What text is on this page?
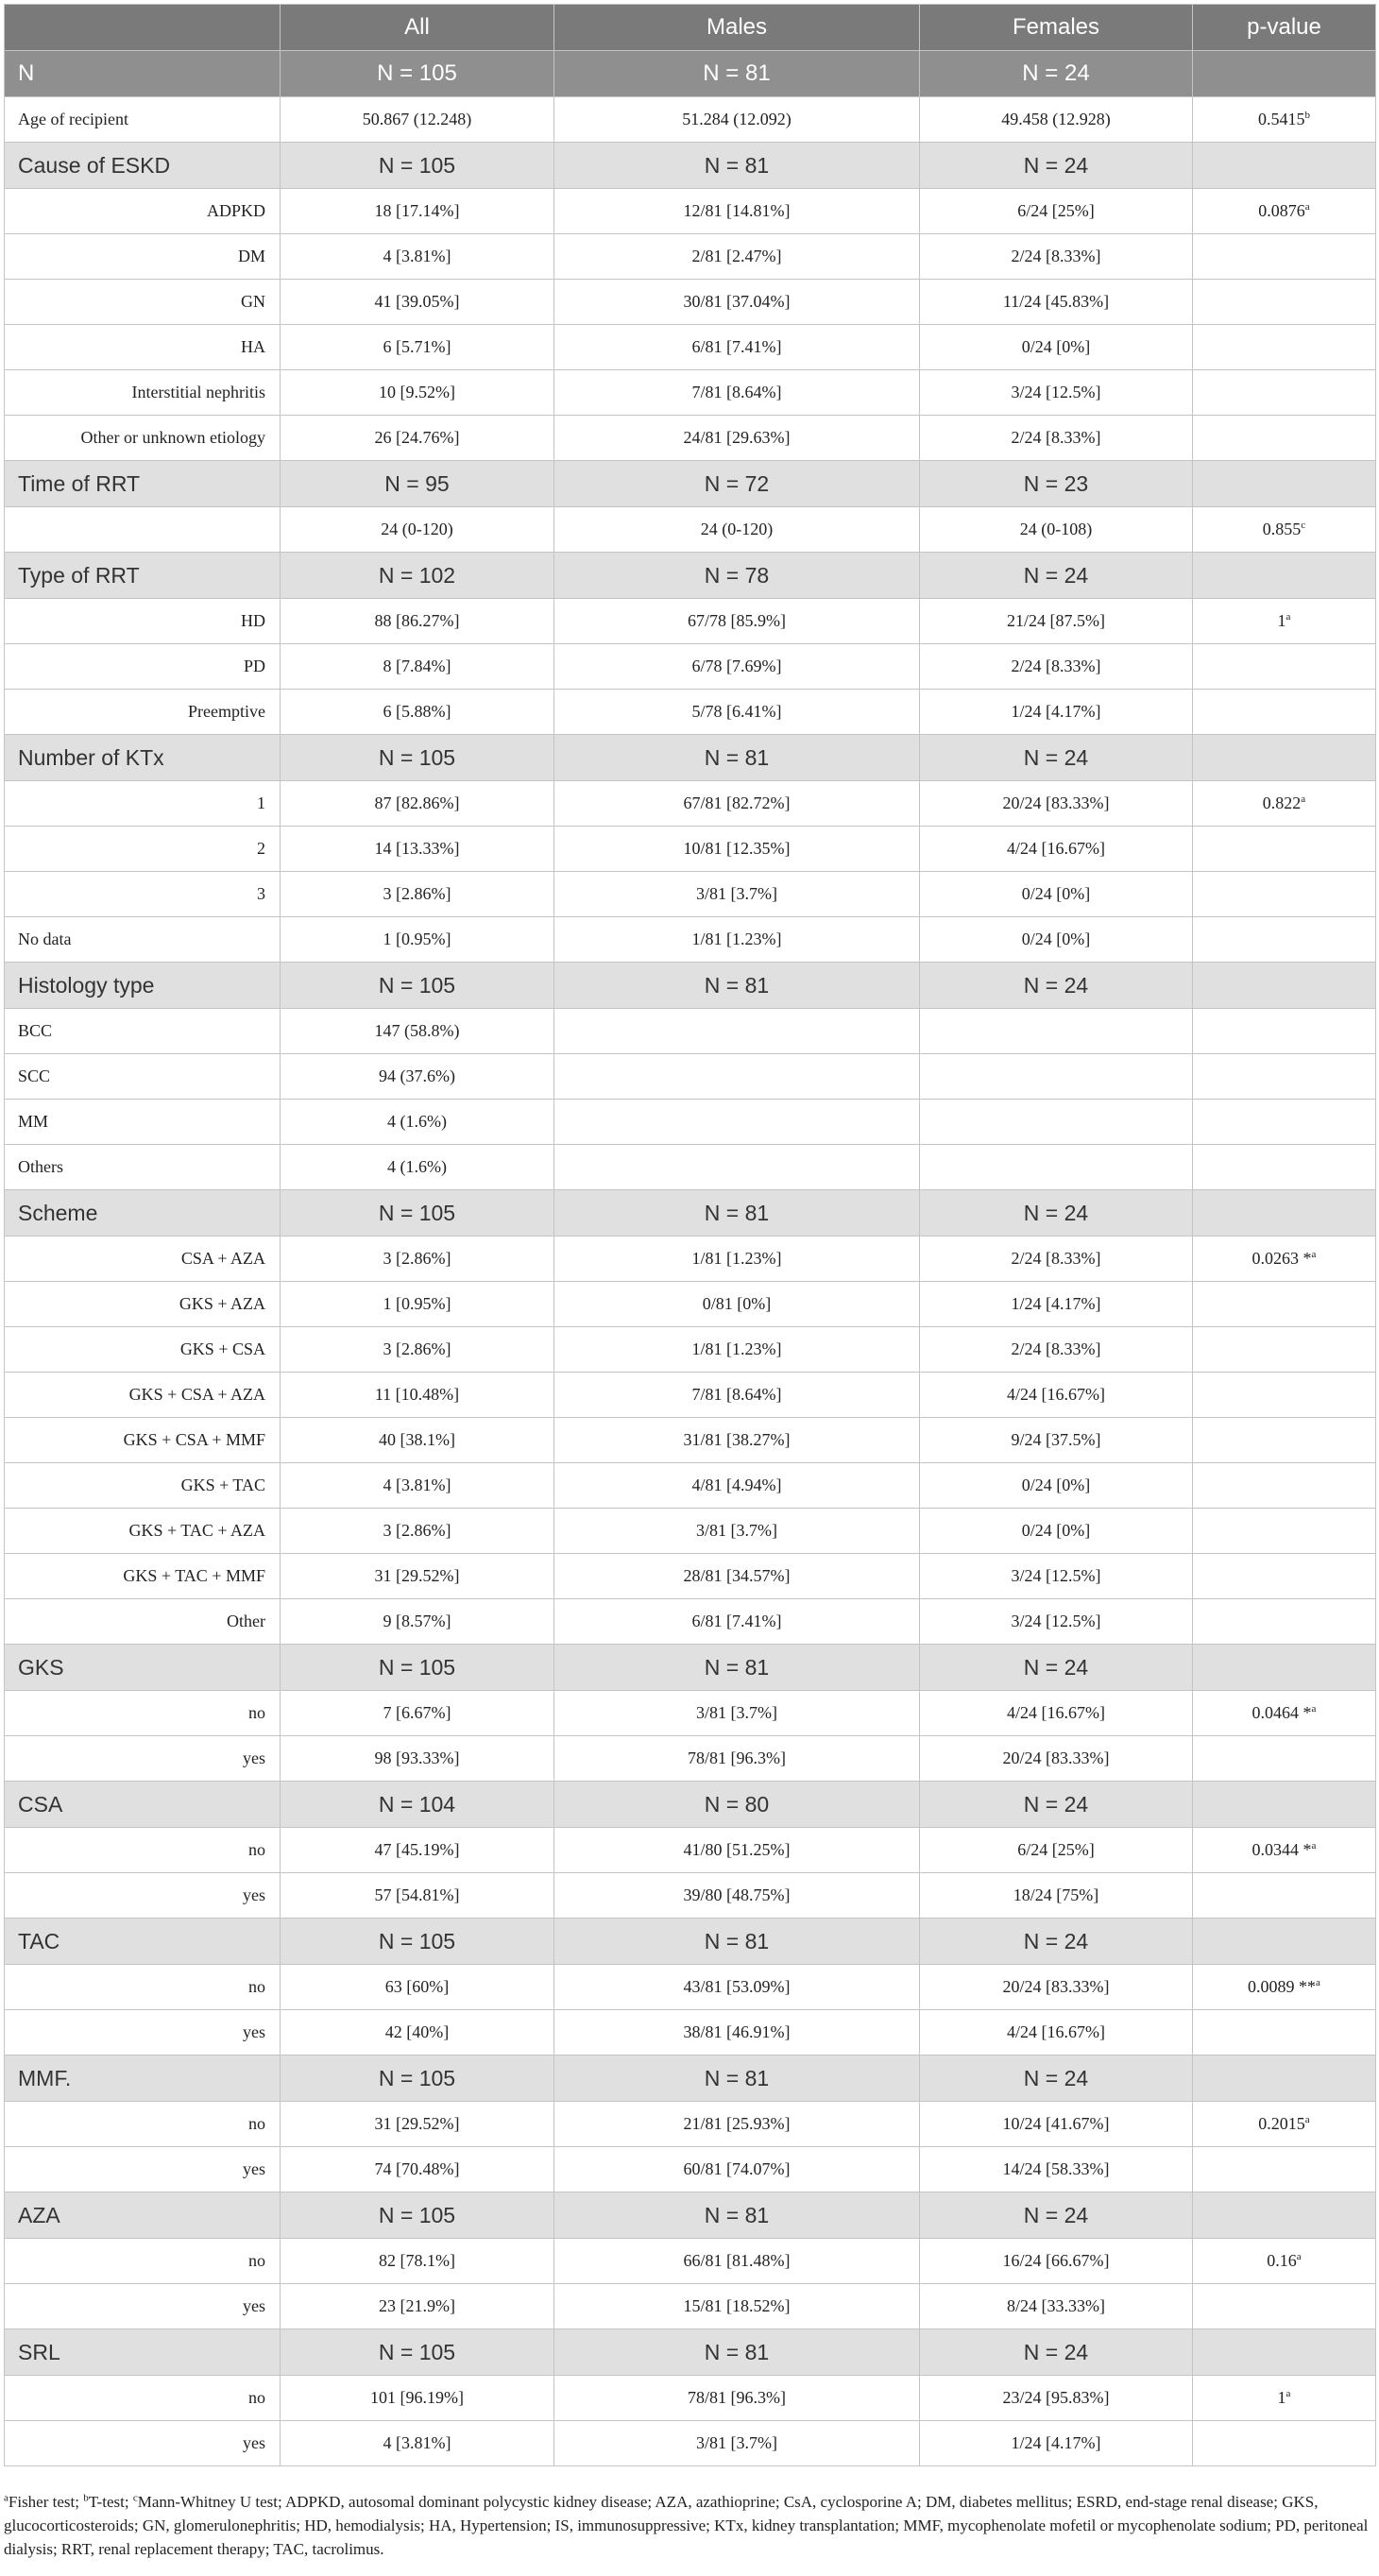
	All	Males	Females	p-value
N	N = 105	N = 81	N = 24	
Age of recipient	50.867 (12.248)	51.284 (12.092)	49.458 (12.928)	0.5415$^b$
Cause of ESKD	N = 105	N = 81	N = 24	
ADPKD	18 [17.14%]	12/81 [14.81%]	6/24 [25%]	0.0876$^a$
DM	4 [3.81%]	2/81 [2.47%]	2/24 [8.33%]	
GN	41 [39.05%]	30/81 [37.04%]	11/24 [45.83%]	
HA	6 [5.71%]	6/81 [7.41%]	0/24 [0%]	
Interstitial nephritis	10 [9.52%]	7/81 [8.64%]	3/24 [12.5%]	
Other or unknown etiology	26 [24.76%]	24/81 [29.63%]	2/24 [8.33%]	
Time of RRT	N = 95	N = 72	N = 23	
	24 (0-120)	24 (0-120)	24 (0-108)	0.855$^c$
Type of RRT	N = 102	N = 78	N = 24	
HD	88 [86.27%]	67/78 [85.9%]	21/24 [87.5%]	1$^a$
PD	8 [7.84%]	6/78 [7.69%]	2/24 [8.33%]	
Preemptive	6 [5.88%]	5/78 [6.41%]	1/24 [4.17%]	
Number of KTx	N = 105	N = 81	N = 24	
1	87 [82.86%]	67/81 [82.72%]	20/24 [83.33%]	0.822$^a$
2	14 [13.33%]	10/81 [12.35%]	4/24 [16.67%]	
3	3 [2.86%]	3/81 [3.7%]	0/24 [0%]	
No data	1 [0.95%]	1/81 [1.23%]	0/24 [0%]	
Histology type	N = 105	N = 81	N = 24	
BCC	147 (58.8%)			
SCC	94 (37.6%)			
MM	4 (1.6%)			
Others	4 (1.6%)			
Scheme	N = 105	N = 81	N = 24	
CSA + AZA	3 [2.86%]	1/81 [1.23%]	2/24 [8.33%]	0.0263 *$^a$
GKS + AZA	1 [0.95%]	0/81 [0%]	1/24 [4.17%]	
GKS + CSA	3 [2.86%]	1/81 [1.23%]	2/24 [8.33%]	
GKS + CSA + AZA	11 [10.48%]	7/81 [8.64%]	4/24 [16.67%]	
GKS + CSA + MMF	40 [38.1%]	31/81 [38.27%]	9/24 [37.5%]	
GKS + TAC	4 [3.81%]	4/81 [4.94%]	0/24 [0%]	
GKS + TAC + AZA	3 [2.86%]	3/81 [3.7%]	0/24 [0%]	
GKS + TAC + MMF	31 [29.52%]	28/81 [34.57%]	3/24 [12.5%]	
Other	9 [8.57%]	6/81 [7.41%]	3/24 [12.5%]	
GKS	N = 105	N = 81	N = 24	
no	7 [6.67%]	3/81 [3.7%]	4/24 [16.67%]	0.0464 *$^a$
yes	98 [93.33%]	78/81 [96.3%]	20/24 [83.33%]	
CSA	N = 104	N = 80	N = 24	
no	47 [45.19%]	41/80 [51.25%]	6/24 [25%]	0.0344 *$^a$
yes	57 [54.81%]	39/80 [48.75%]	18/24 [75%]	
TAC	N = 105	N = 81	N = 24	
no	63 [60%]	43/81 [53.09%]	20/24 [83.33%]	0.0089 **$^a$
yes	42 [40%]	38/81 [46.91%]	4/24 [16.67%]	
MMF.	N = 105	N = 81	N = 24	
no	31 [29.52%]	21/81 [25.93%]	10/24 [41.67%]	0.2015$^a$
yes	74 [70.48%]	60/81 [74.07%]	14/24 [58.33%]	
AZA	N = 105	N = 81	N = 24	
no	82 [78.1%]	66/81 [81.48%]	16/24 [66.67%]	0.16$^a$
yes	23 [21.9%]	15/81 [18.52%]	8/24 [33.33%]	
SRL	N = 105	N = 81	N = 24	
no	101 [96.19%]	78/81 [96.3%]	23/24 [95.83%]	1$^a$
yes	4 [3.81%]	3/81 [3.7%]	1/24 [4.17%]	
$^a$Fisher test; $^b$T-test; $^c$Mann-Whitney U test; ADPKD, autosomal dominant polycystic kidney disease; AZA, azathioprine; CsA, cyclosporine A; DM, diabetes mellitus; ESRD, end-stage renal disease; GKS, glucocorticosteroids; GN, glomerulonephritis; HD, hemodialysis; HA, Hypertension; IS, immunosuppressive; KTx, kidney transplantation; MMF, mycophenolate mofetil or mycophenolate sodium; PD, peritoneal dialysis; RRT, renal replacement therapy; TAC, tacrolimus.
